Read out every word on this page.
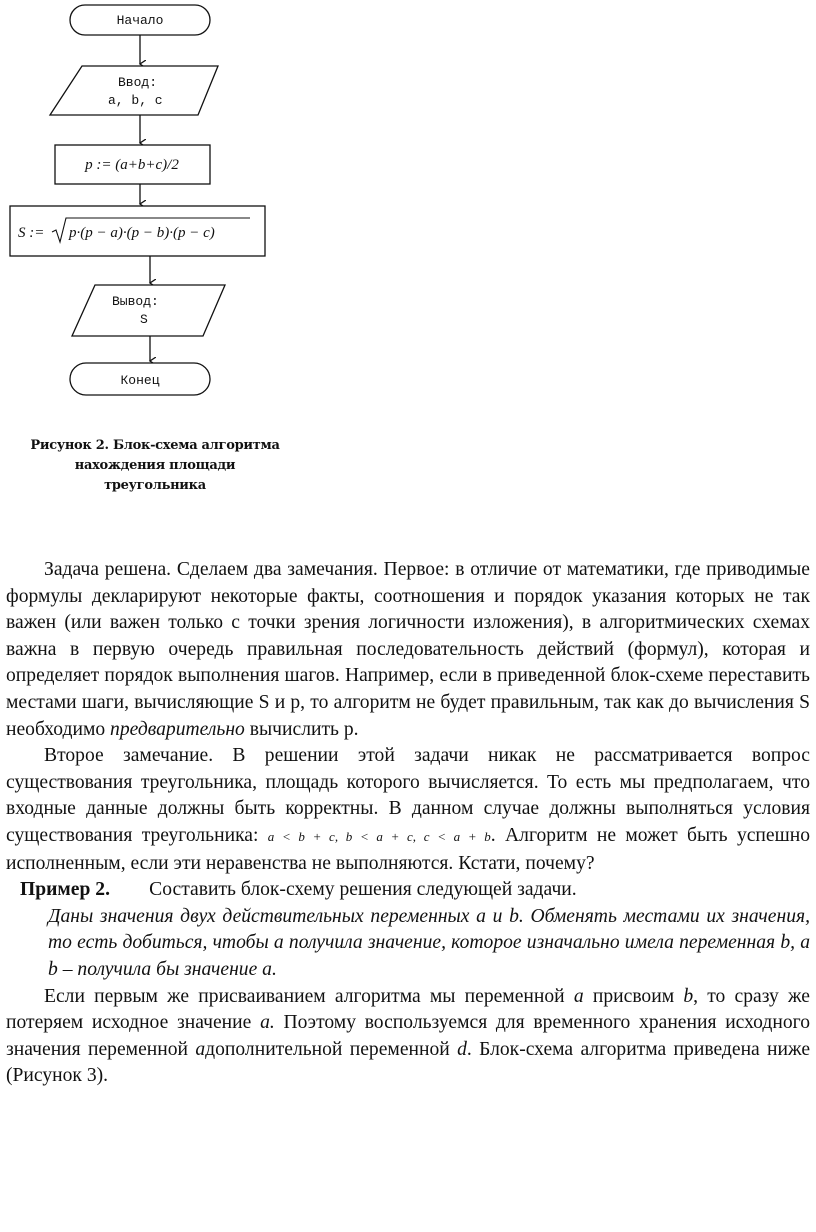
Начало
Ввод:
a, b, c
p := (a+b+c)/2
S := p·(p − a)·(p − b)·(p − c)
Вывод:
S
Конец
Рисунок 2. Блок-схема алгоритма
нахождения площади
треугольника

Задача решена. Сделаем два замечания. Первое: в отличие от математики, где приводимые формулы декларируют некоторые факты, соотношения и порядок указания которых не так важен (или важен только с точки зрения логичности изложения), в алгоритмических схемах важна в первую очередь правильная последовательность действий (формул), которая и определяет порядок выполнения шагов. Например, если в приведенной блок-схеме переставить местами шаги, вычисляющие S и р, то алгоритм не будет правильным, так как до вычисления S необходимо предварительно вычислить р.

Второе замечание. В решении этой задачи никак не рассматривается вопрос существования треугольника, площадь которого вычисляется. То есть мы предполагаем, что входные данные должны быть корректны. В данном случае должны выполняться условия существования треугольника: a < b + c, b < a + c, c < a + b. Алгоритм не может быть успешно исполненным, если эти неравенства не выполняются. Кстати, почему?

Пример 2. Составить блок-схему решения следующей задачи.
Даны значения двух действительных переменных a и b. Обменять местами их значения, то есть добиться, чтобы a получила значение, которое изначально имела переменная b, а b – получила бы значение a.

Если первым же присваиванием алгоритма мы переменной a присвоим b, то сразу же потеряем исходное значение a. Поэтому воспользуемся для временного хранения исходного значения переменной aдополнительной переменной d. Блок-схема алгоритма приведена ниже (Рисунок 3).
